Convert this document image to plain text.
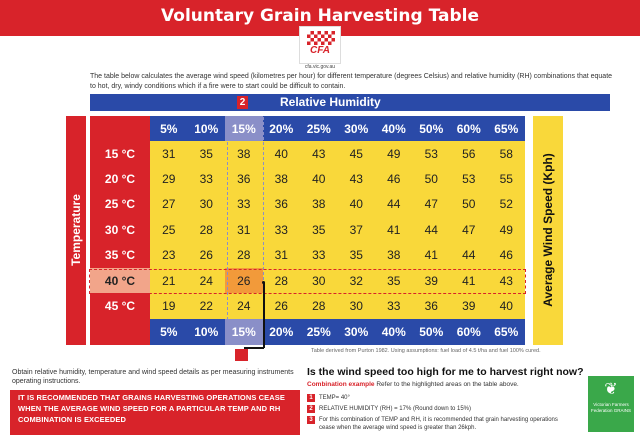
Voluntary Grain Harvesting Table
CFA
cfa.vic.gov.au
The table below calculates the average wind speed (kilometres per hour) for different temperature (degrees Celsius) and relative humidity (RH) combinations that equate to hot, dry, windy conditions which if a fire were to start could be difficult to contain.
2	Relative Humidity
Temperature
5%	10%	15%	20%	25%	30%	40%	50%	60%	65%
15 °C	31	35	38	40	43	45	49	53	56	58
20 °C	29	33	36	38	40	43	46	50	53	55
25 °C	27	30	33	36	38	40	44	47	50	52
30 °C	25	28	31	33	35	37	41	44	47	49
35 °C	23	26	28	31	33	35	38	41	44	46
40 °C	21	24	26	28	30	32	35	39	41	43
45 °C	19	22	24	26	28	30	33	36	39	40
5%	10%	15%	20%	25%	30%	40%	50%	60%	65%
Average Wind Speed (Kph)
Table derived from Purton 1982. Using assumptions: fuel load of 4.5 t/ha and fuel 100% cured.
Obtain relative humidity, temperature and wind speed details as per measuring instruments operating instructions.
IT IS RECOMMENDED THAT GRAINS HARVESTING OPERATIONS CEASE WHEN THE AVERAGE WIND SPEED FOR A PARTICULAR TEMP AND RH COMBINATION IS EXCEEDED
Is the wind speed too high for me to harvest right now?
Combination example Refer to the highlighted areas on the table above.
1 TEMP= 40°
2 RELATIVE HUMIDITY (RH) = 17% (Round down to 15%)
3 For this combination of TEMP and RH, it is recommended that grain harvesting operations cease when the average wind speed is greater than 26kph.
❦
Victorian Farmers Federation GRAINS
